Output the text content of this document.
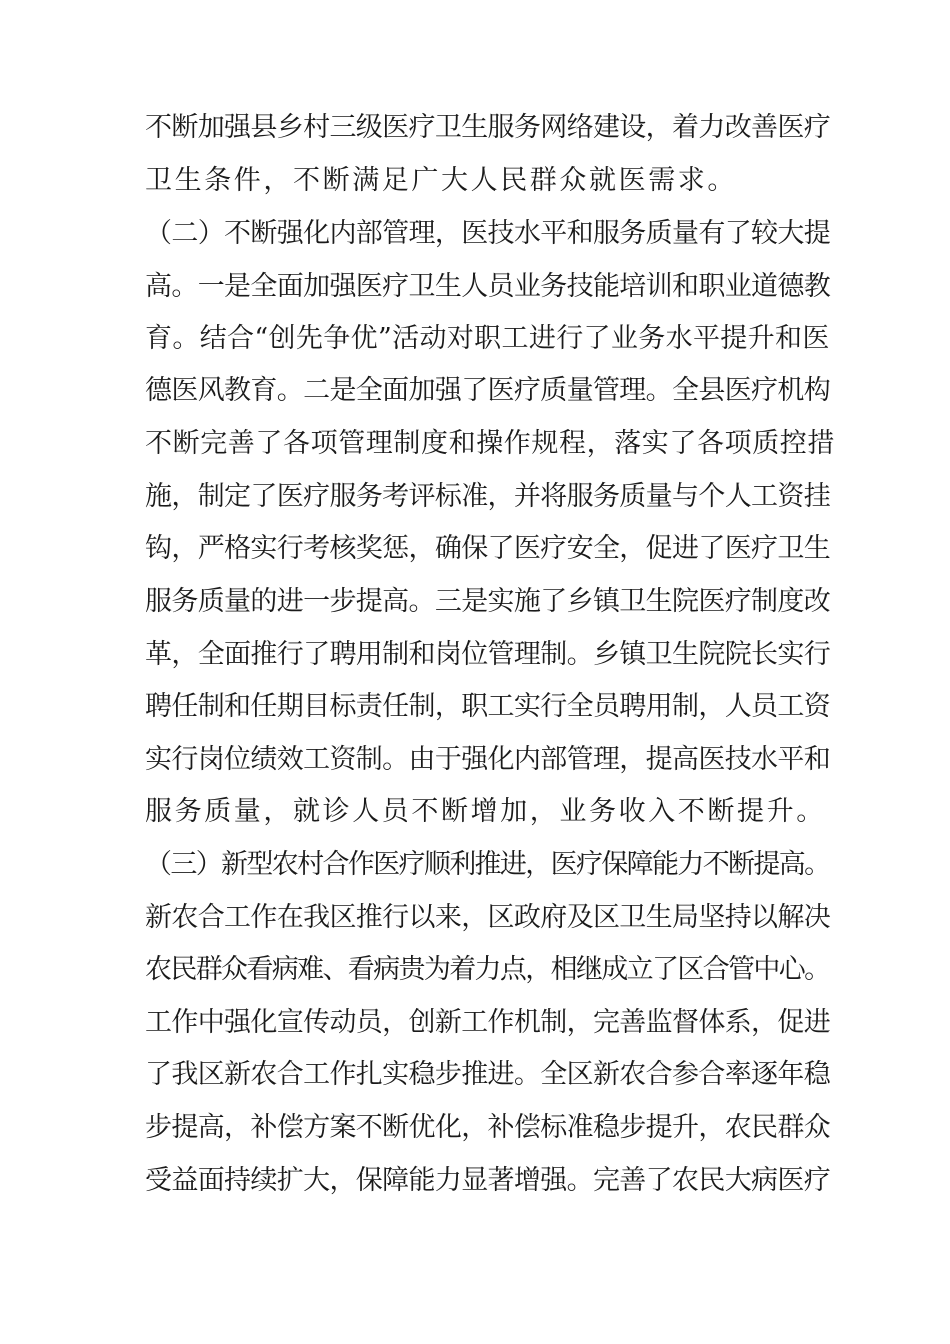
不断加强县乡村三级医疗卫生服务网络建设，着力改善医疗

卫生条件，不断满足广大人民群众就医需求。

（二）不断强化内部管理，医技水平和服务质量有了较大提

高。一是全面加强医疗卫生人员业务技能培训和职业道德教

育。结合“创先争优”活动对职工进行了业务水平提升和医

德医风教育。二是全面加强了医疗质量管理。全县医疗机构

不断完善了各项管理制度和操作规程，落实了各项质控措

施，制定了医疗服务考评标准，并将服务质量与个人工资挂

钩，严格实行考核奖惩，确保了医疗安全，促进了医疗卫生

服务质量的进一步提高。三是实施了乡镇卫生院医疗制度改

革，全面推行了聘用制和岗位管理制。乡镇卫生院院长实行

聘任制和任期目标责任制，职工实行全员聘用制，人员工资

实行岗位绩效工资制。由于强化内部管理，提高医技水平和

服务质量，就诊人员不断增加，业务收入不断提升。

（三）新型农村合作医疗顺利推进，医疗保障能力不断提高。

新农合工作在我区推行以来，区政府及区卫生局坚持以解决

农民群众看病难、看病贵为着力点，相继成立了区合管中心。

工作中强化宣传动员，创新工作机制，完善监督体系，促进

了我区新农合工作扎实稳步推进。全区新农合参合率逐年稳

步提高，补偿方案不断优化，补偿标准稳步提升，农民群众

受益面持续扩大，保障能力显著增强。完善了农民大病医疗
